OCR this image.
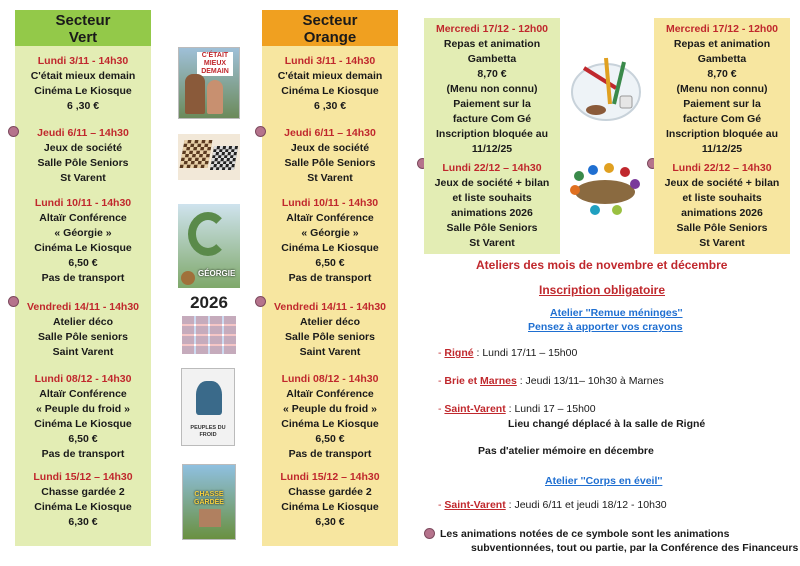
Secteur
Vert
Lundi 3/11 - 14h30
C'était mieux demain
Cinéma Le Kiosque
6 ,30 €
Jeudi 6/11 – 14h30
Jeux de société
Salle Pôle Seniors
St Varent
Lundi 10/11 - 14h30
Altaïr Conférence
« Géorgie »
Cinéma Le Kiosque
6,50 €
Pas de transport
Vendredi 14/11 - 14h30
Atelier déco
Salle Pôle seniors
Saint Varent
Lundi 08/12 - 14h30
Altaïr Conférence
« Peuple du froid »
Cinéma Le Kiosque
6,50 €
Pas de transport
Lundi 15/12 – 14h30
Chasse gardée 2
Cinéma Le Kiosque
6,30 €
Secteur
Orange
Lundi 3/11 - 14h30
C'était mieux demain
Cinéma Le Kiosque
6 ,30 €
Jeudi 6/11 – 14h30
Jeux de société
Salle Pôle Seniors
St Varent
Lundi 10/11 - 14h30
Altaïr Conférence
« Géorgie »
Cinéma Le Kiosque
6,50 €
Pas de transport
Vendredi 14/11 - 14h30
Atelier déco
Salle Pôle seniors
Saint Varent
Lundi 08/12 - 14h30
Altaïr Conférence
« Peuple du froid »
Cinéma Le Kiosque
6,50 €
Pas de transport
Lundi 15/12 – 14h30
Chasse gardée 2
Cinéma Le Kiosque
6,30 €
C'ÉTAIT MIEUX DEMAIN
GÉORGIE
2026
PEUPLES DU FROID
CHASSE GARDÉE
Mercredi 17/12 - 12h00
Repas et animation
Gambetta
8,70 €
(Menu non connu)
Paiement sur la
facture Com Gé
Inscription bloquée au
11/12/25
Lundi 22/12 – 14h30
Jeux de société + bilan
et liste souhaits
animations 2026
Salle Pôle Seniors
St Varent
Mercredi 17/12 - 12h00
Repas et animation
Gambetta
8,70 €
(Menu non connu)
Paiement sur la
facture Com Gé
Inscription bloquée au
11/12/25
Lundi 22/12 – 14h30
Jeux de société + bilan
et liste souhaits
animations 2026
Salle Pôle Seniors
St Varent
Ateliers des mois de novembre et décembre
Inscription obligatoire
Atelier ''Remue méninges''
Pensez à apporter vos crayons
- Rigné : Lundi 17/11 – 15h00
- Brie et Marnes : Jeudi 13/11– 10h30 à Marnes
- Saint-Varent : Lundi 17 – 15h00
Lieu changé déplacé à la salle de Rigné
Pas d'atelier mémoire en décembre
Atelier ''Corps en éveil''
- Saint-Varent : Jeudi 6/11 et jeudi 18/12 - 10h30
Les animations notées de ce symbole sont les animations
subventionnées, tout ou partie, par la Conférence des Financeurs
